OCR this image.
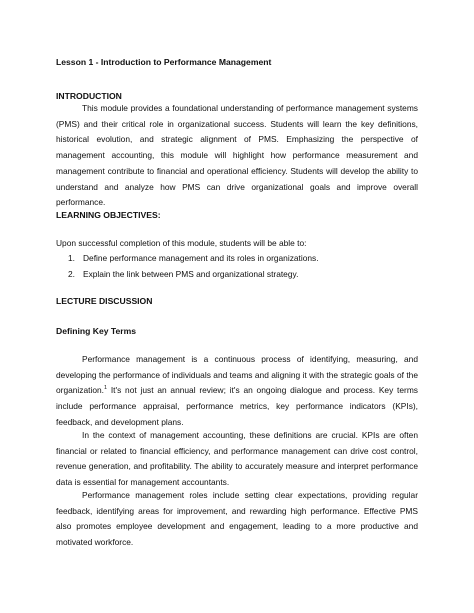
Lesson 1 - Introduction to Performance Management
INTRODUCTION

This module provides a foundational understanding of performance management systems (PMS) and their critical role in organizational success. Students will learn the key definitions, historical evolution, and strategic alignment of PMS. Emphasizing the perspective of management accounting, this module will highlight how performance measurement and management contribute to financial and operational efficiency. Students will develop the ability to understand and analyze how PMS can drive organizational goals and improve overall performance.

LEARNING OBJECTIVES:
Upon successful completion of this module, students will be able to:
1. Define performance management and its roles in organizations.
2. Explain the link between PMS and organizational strategy.
LECTURE DISCUSSION
Defining Key Terms

Performance management is a continuous process of identifying, measuring, and developing the performance of individuals and teams and aligning it with the strategic goals of the organization.$^1$ It's not just an annual review; it's an ongoing dialogue and process. Key terms include performance appraisal, performance metrics, key performance indicators (KPIs), feedback, and development plans.

In the context of management accounting, these definitions are crucial. KPIs are often financial or related to financial efficiency, and performance management can drive cost control, revenue generation, and profitability. The ability to accurately measure and interpret performance data is essential for management accountants.

Performance management roles include setting clear expectations, providing regular feedback, identifying areas for improvement, and rewarding high performance. Effective PMS also promotes employee development and engagement, leading to a more productive and motivated workforce.
